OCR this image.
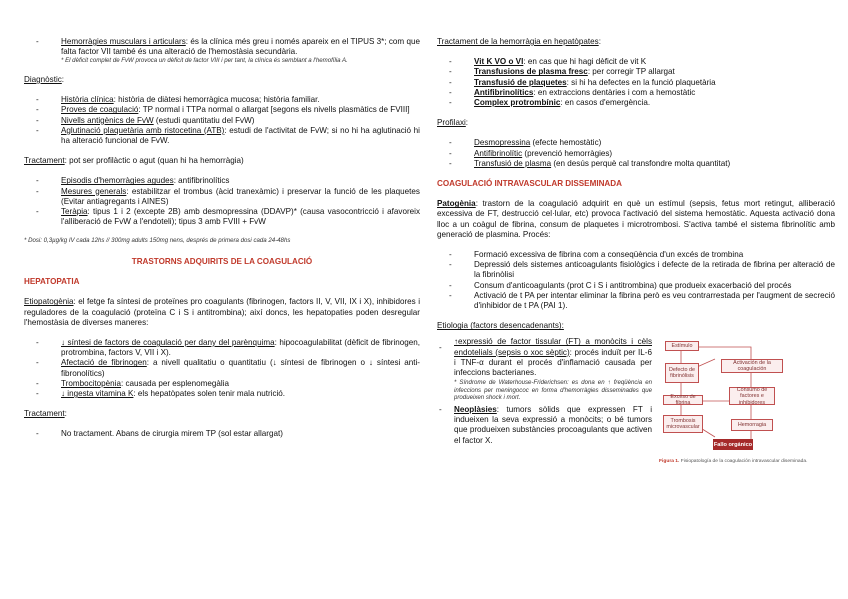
- Hemorràgies musculars i articulars: és la clínica més greu i només apareix en el TIPUS 3*; com que falta factor VII també és una alteració de l'hemostàsia secundària.
* El dèficit complet de FvW provoca un dèficit de factor VIII i per tant, la clínica és semblant a l'hemofília A.
Diagnòstic:
- Història clínica: història de diàtesi hemorràgica mucosa; història familiar.
- Proves de coagulació: TP normal i TTPa normal o allargat [segons els nivells plasmàtics de FVIII]
- Nivells antigènics de FvW (estudi quantitatiu del FvW)
- Aglutinació plaquetària amb ristocetina (ATB): estudi de l'activitat de FvW; si no hi ha aglutinació hi ha alteració funcional de FvW.
Tractament: pot ser profilàctic o agut (quan hi ha hemorràgia)
- Episodis d'hemorràgies agudes: antifibrinolítics
- Mesures generals: estabilitzar el trombus (àcid tranexàmic) i preservar la funció de les plaquetes (Evitar antiagregants i AINES)
- Teràpia: tipus 1 i 2 (excepte 2B) amb desmopressina (DDAVP)* (causa vasocontricció i afavoreix l'alliberació de FvW a l'endoteli); tipus 3 amb FVIII + FvW
* Dosi: 0,3µg/kg IV cada 12hs // 300mg adults 150mg nens, després de primera dosi cada 24-48hs
TRASTORNS ADQUIRITS DE LA COAGULACIÓ
HEPATOPATIA
Etiopatogènia: el fetge fa síntesi de proteïnes pro coagulants (fibrinogen, factors II, V, VII, IX i X), inhibidores i reguladores de la coagulació (proteïna C i S i antitrombina); així doncs, les hepatopaties poden desregular l'hemostàsia de diverses maneres:
- ↓ síntesi de factors de coagulació per dany del parènquima: hipocoagulabilitat (dèficit de fibrinogen, protrombina, factors V, VII i X).
- Afectació de fibrinogen: a nivell qualitatiu o quantitatiu (↓ síntesi de fibrinogen o ↓ síntesi anti-fibronolítics)
- Trombocitopènia: causada per esplenomegàlia
- ↓ ingesta vitamina K: els hepatòpates solen tenir mala nutrició.
Tractament:
- No tractament. Abans de cirurgia mirem TP (sol estar allargat)
Tractament de la hemorràgia en hepatòpates:
- Vit K VO o VI: en cas que hi hagi dèficit de vit K
- Transfusions de plasma fresc: per corregir TP allargat
- Transfusió de plaquetes: si hi ha defectes en la funció plaquetària
- Antifibrinolítics: en extraccions dentàries i com a hemostàtic
- Complex protrombínic: en casos d'emergència.
Profilaxi:
- Desmopressina (efecte hemostàtic)
- Antifibrinolític (prevenció hemorràgies)
- Transfusió de plasma (en desús perquè cal transfondre molta quantitat)
COAGULACIÓ INTRAVASCULAR DISSEMINADA
Patogènia: trastorn de la coagulació adquirit en què un estímul (sepsis, fetus mort retingut, alliberació excessiva de FT, destrucció cel·lular, etc) provoca l'activació del sistema hemostàtic. Aquesta activació dona lloc a un coàgul de fibrina, consum de plaquetes i microtrombosi. S'activa també el sistema fibrinolític amb generació de plasmina. Procés:
- Formació excessiva de fibrina com a conseqüència d'un excés de trombina
- Depressió dels sistemes anticoagulants fisiològics i defecte de la retirada de fibrina per alteració de la fibrinòlisi
- Consum d'anticoagulants (prot C i S i antitrombina) que produeix exacerbació del procés
- Activació de t PA per intentar eliminar la fibrina però es veu contrarrestada per l'augment de secreció d'inhibidor de t PA (PAI 1).
Etiologia (factors desencadenants):
-
↑expressió de factor tissular (FT) a monòcits i cèls endotelials (sepsis o xoc sèptic): procés induït per IL-6 i TNF-α durant el procés d'inflamació causada per infeccions bacterianes.
* Síndrome de Waterhouse-Friderichsen: es dona en ↑ freqüència en infeccions per meningococ en forma d'hemorràgies disseminades que produeixen shock i mort.
- Neoplàsies: tumors sòlids que expressen FT i indueixen la seva expressió a monòcits; o bé tumors que produeixen substàncies procoagulants que activen el factor X.
Estímulo
Activación de la coagulación
Defecto de fibrinólisis
Consumo de factores e inhibidores
Exceso de fibrina
Hemorragia
Trombosis microvascular
Fallo orgánico
Figura 1. Fisiopatología de la coagulación intravascular diseminada.
